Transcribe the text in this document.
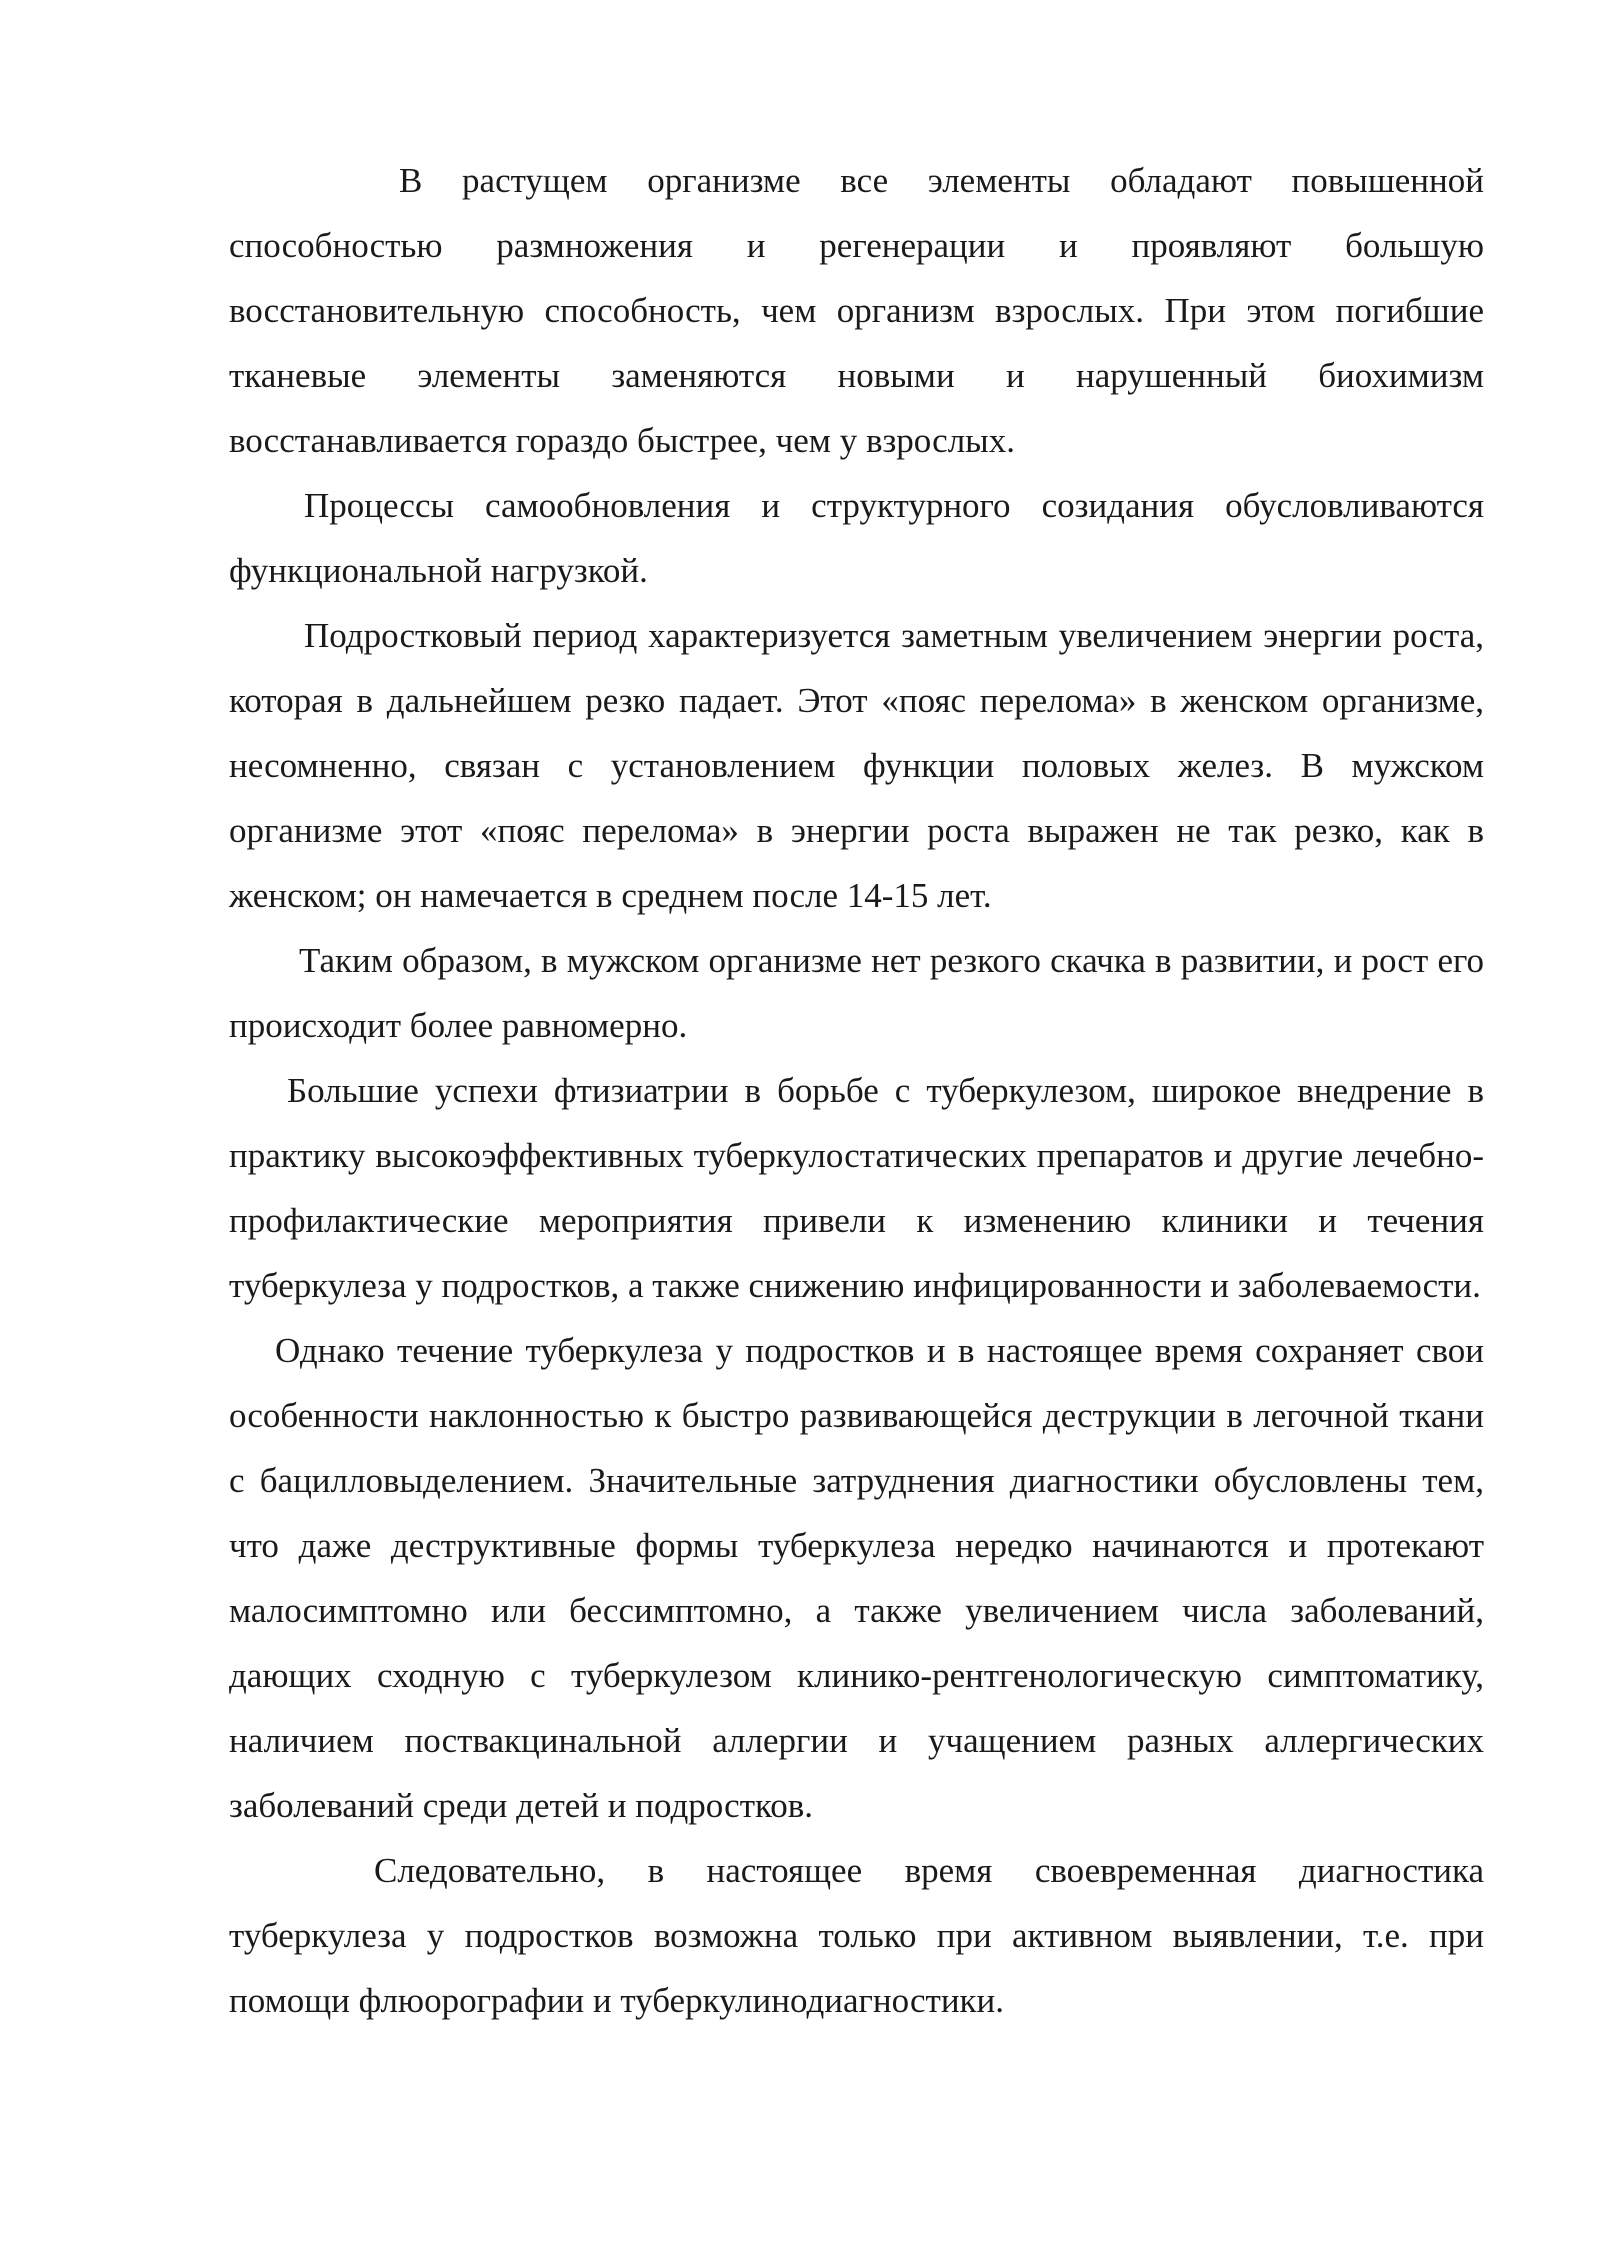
В растущем организме все элементы обладают повышенной способностью размножения и регенерации и проявляют большую восстановительную способность, чем организм взрослых. При этом погибшие тканевые элементы заменяются новыми и нарушенный биохимизм восстанавливается гораздо быстрее, чем у взрослых.

Процессы самообновления и структурного созидания обусловливаются функциональной нагрузкой.

Подростковый период характеризуется заметным увеличением энергии роста, которая в дальнейшем резко падает. Этот «пояс перелома» в женском организме, несомненно, связан с установлением функции половых желез. В мужском организме этот «пояс перелома» в энергии роста выражен не так резко, как в женском; он намечается в среднем после 14-15 лет.

Таким образом, в мужском организме нет резкого скачка в развитии, и рост его происходит более равномерно.

Большие успехи фтизиатрии в борьбе с туберкулезом, широкое внедрение в практику высокоэффективных туберкулостатических препаратов и другие лечебно-профилактические мероприятия привели к изменению клиники и течения туберкулеза у подростков, а также снижению инфицированности и заболеваемости.

Однако течение туберкулеза у подростков и в настоящее время сохраняет свои особенности наклонностью к быстро развивающейся деструкции в легочной ткани с бацилловыделением. Значительные затруднения диагностики обусловлены тем, что даже деструктивные формы туберкулеза нередко начинаются и протекают малосимптомно или бессимптомно, а также увеличением числа заболеваний, дающих сходную с туберкулезом клинико-рентгенологическую симптоматику, наличием поствакцинальной аллергии и учащением разных аллергических заболеваний среди детей и подростков.

Следовательно, в настоящее время своевременная диагностика туберкулеза у подростков возможна только при активном выявлении, т.е. при помощи флюорографии и туберкулинодиагностики.
